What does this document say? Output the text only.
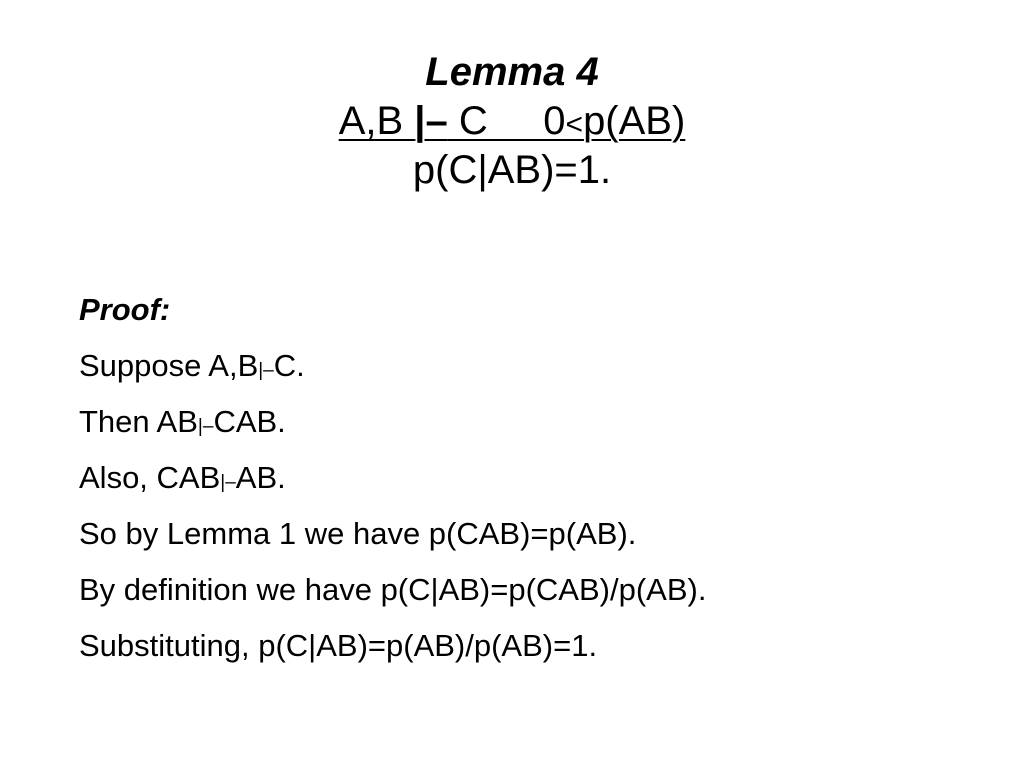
Lemma 4
A,B |– C     0<p(AB)
p(C|AB)=1.
Proof:
Suppose A,B|–C.
Then AB|–CAB.
Also, CAB|–AB.
So by Lemma 1 we have p(CAB)=p(AB).
By definition we have p(C|AB)=p(CAB)/p(AB).
Substituting, p(C|AB)=p(AB)/p(AB)=1.
